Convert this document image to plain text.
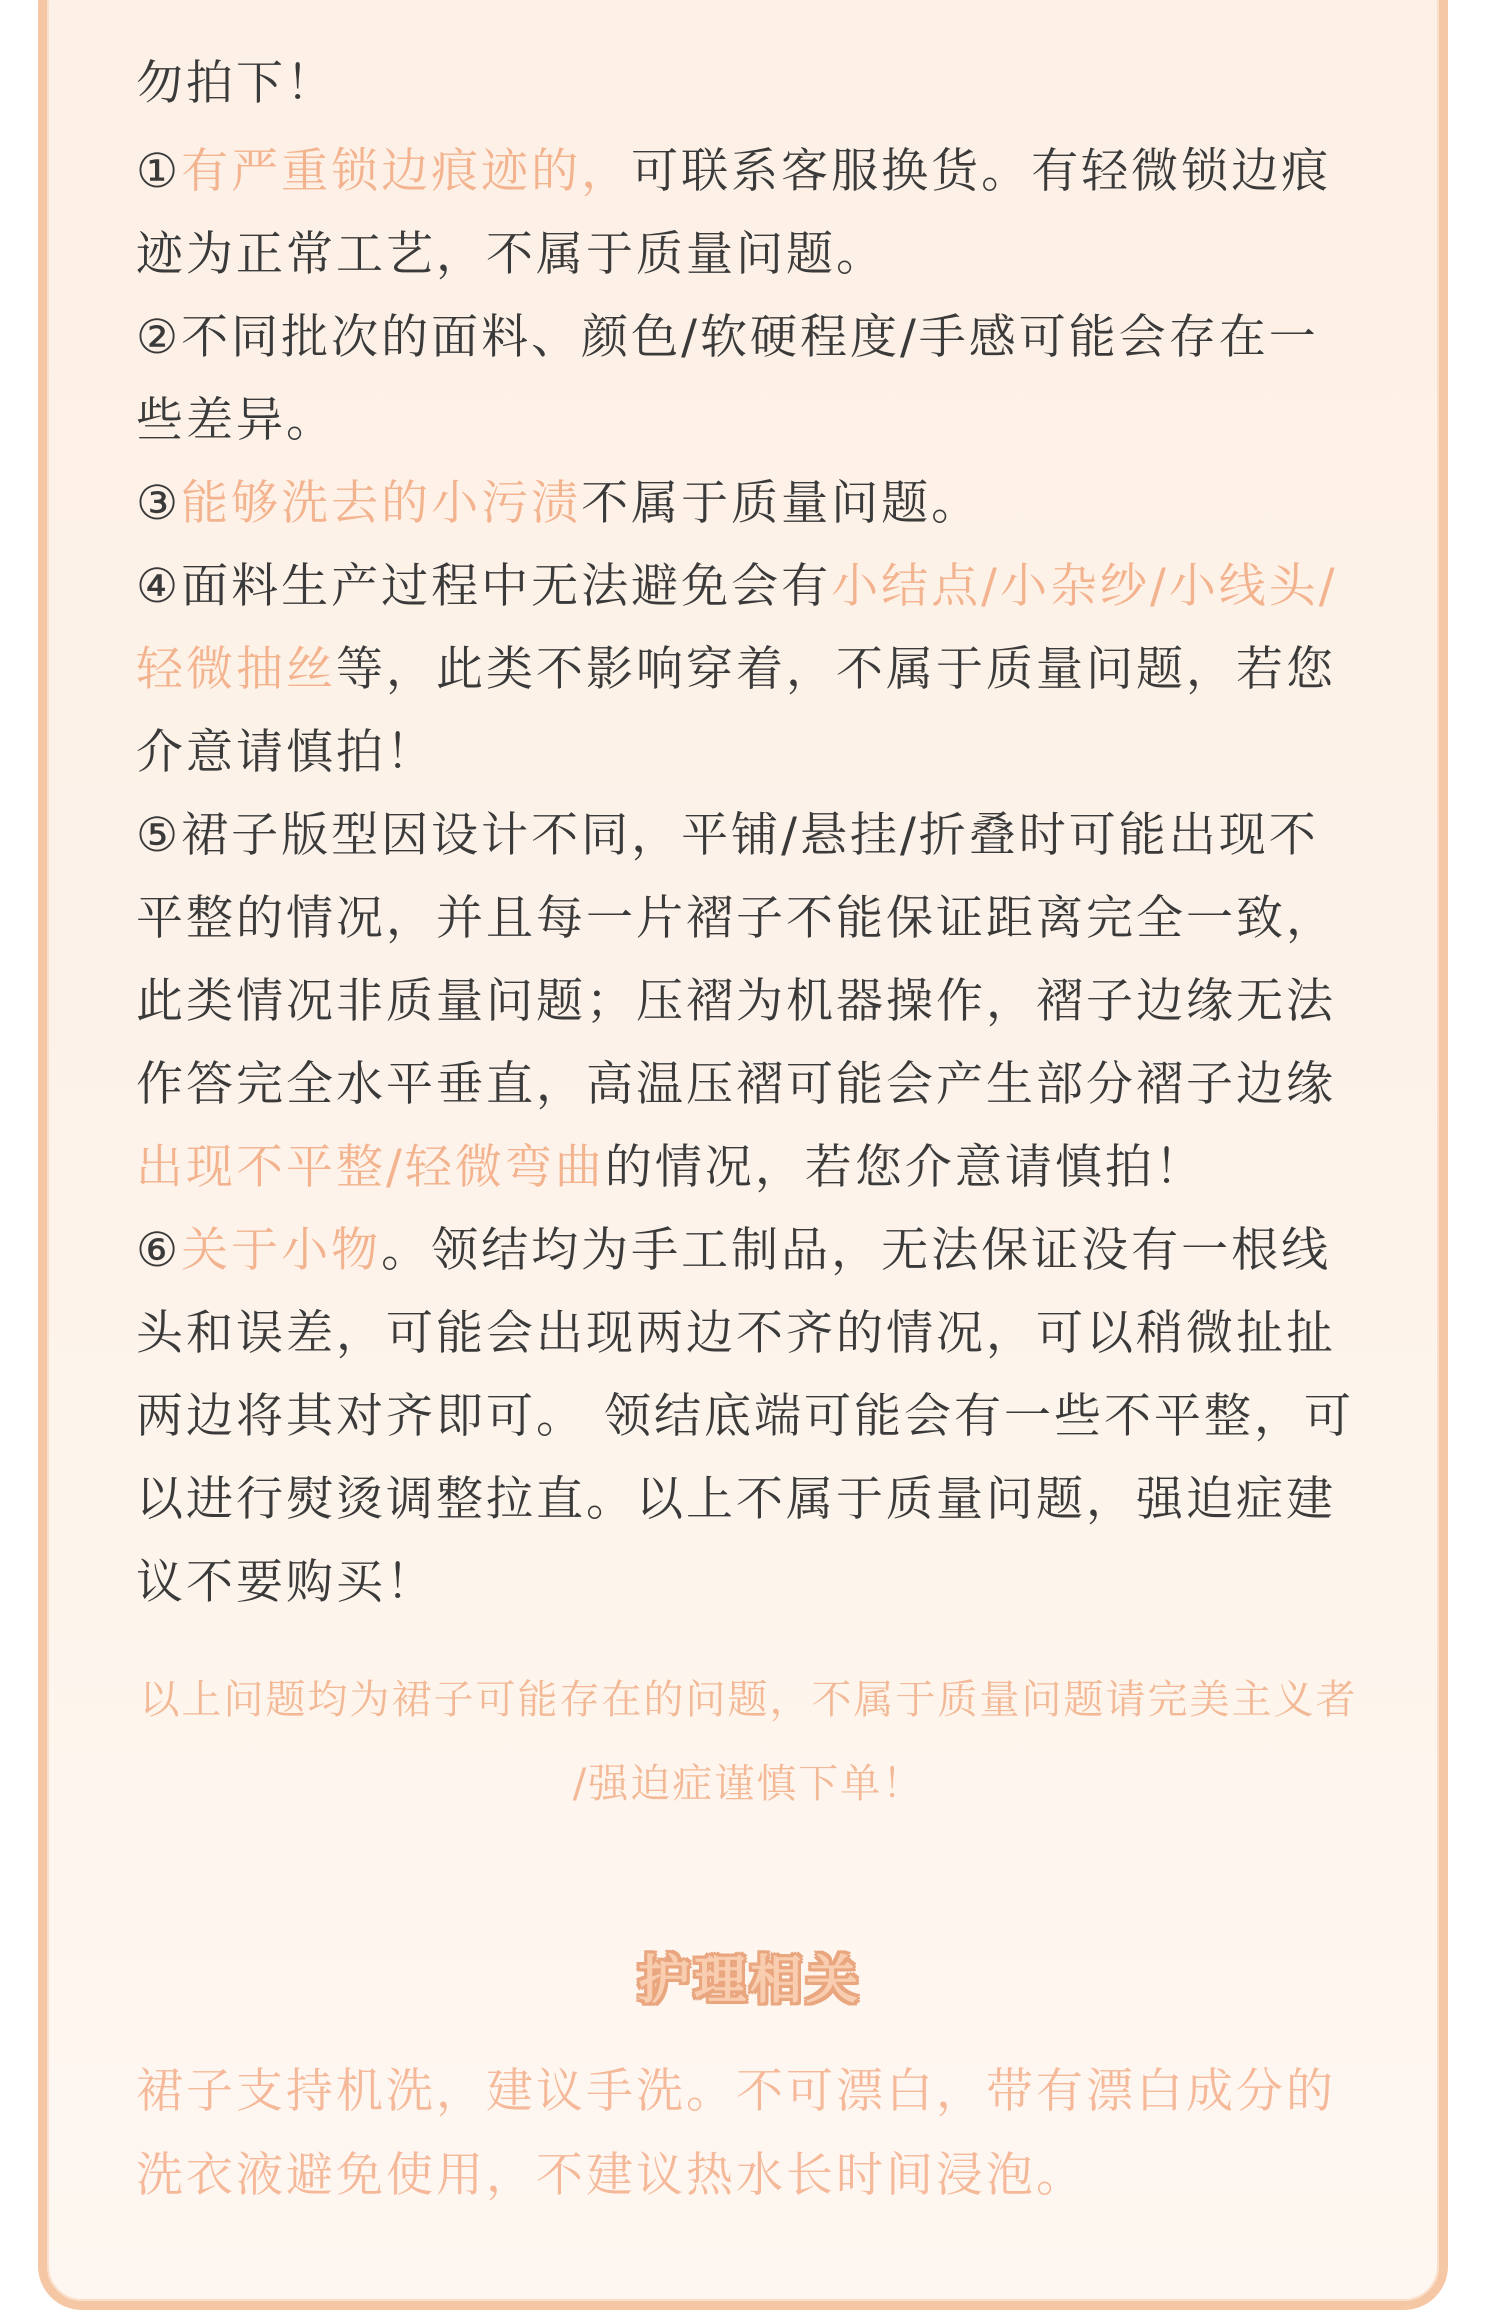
勿拍下！

①有严重锁边痕迹的，可联系客服换货。有轻微锁边痕迹为正常工艺，不属于质量问题。

②不同批次的面料、颜色/软硬程度/手感可能会存在一些差异。

③能够洗去的小污渍不属于质量问题。

④面料生产过程中无法避免会有小结点/小杂纱/小线头/轻微抽丝等，此类不影响穿着，不属于质量问题，若您介意请慎拍！

⑤裙子版型因设计不同，平铺/悬挂/折叠时可能出现不平整的情况，并且每一片褶子不能保证距离完全一致，此类情况非质量问题；压褶为机器操作，褶子边缘无法作答完全水平垂直，高温压褶可能会产生部分褶子边缘出现不平整/轻微弯曲的情况，若您介意请慎拍！

⑥关于小物。领结均为手工制品，无法保证没有一根线头和误差，可能会出现两边不齐的情况，可以稍微扯扯两边将其对齐即可。 领结底端可能会有一些不平整，可以进行熨烫调整拉直。以上不属于质量问题，强迫症建议不要购买！

以上问题均为裙子可能存在的问题，不属于质量问题请完美主义者
/强迫症谨慎下单！
护理相关
裙子支持机洗，建议手洗。不可漂白，带有漂白成分的洗衣液避免使用，不建议热水长时间浸泡。
